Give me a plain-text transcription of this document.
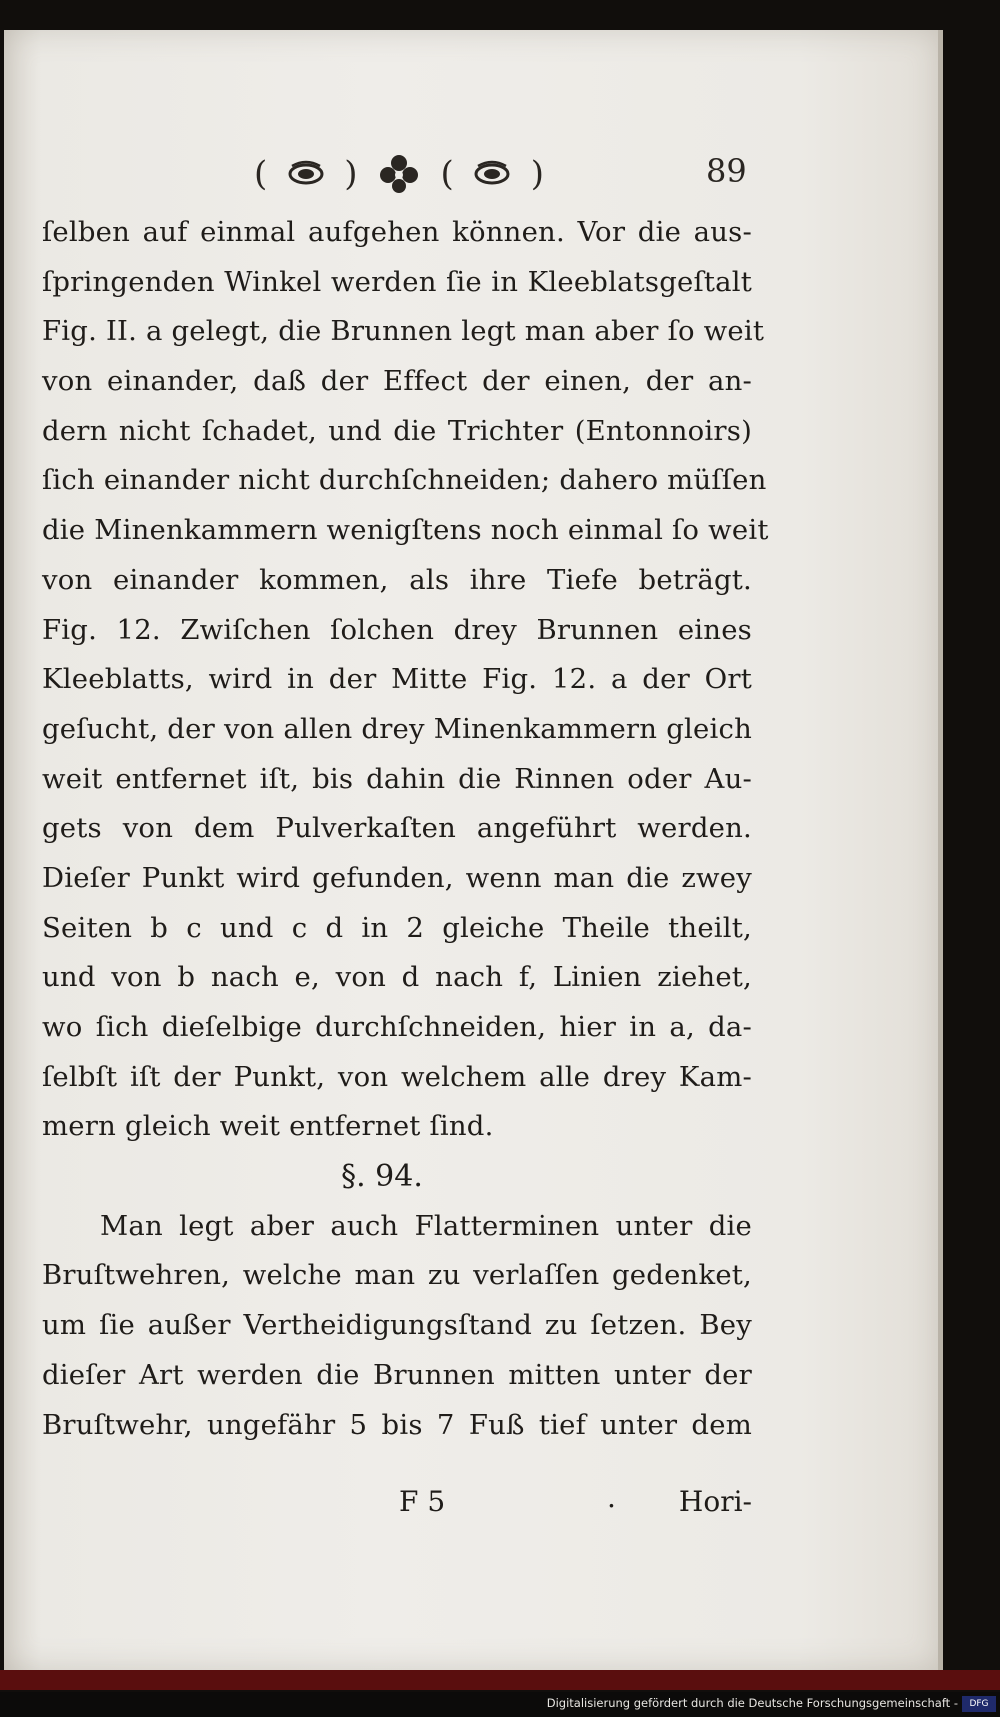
( ) ( )	89
ſelben auf einmal aufgehen können. Vor die aus-
ſpringenden Winkel werden ſie in Kleeblatsgeſtalt
Fig. II. a gelegt, die Brunnen legt man aber ſo weit
von einander, daß der Effect der einen, der an-
dern nicht ſchadet, und die Trichter (Entonnoirs)
ſich einander nicht durchſchneiden; dahero müſſen
die Minenkammern wenigſtens noch einmal ſo weit
von einander kommen, als ihre Tiefe beträgt.
Fig. 12. Zwiſchen ſolchen drey Brunnen eines
Kleeblatts, wird in der Mitte Fig. 12. a der Ort
geſucht, der von allen drey Minenkammern gleich
weit entfernet iſt, bis dahin die Rinnen oder Au-
gets von dem Pulverkaſten angeführt werden.
Dieſer Punkt wird gefunden, wenn man die zwey
Seiten b c und c d in 2 gleiche Theile theilt,
und von b nach e, von d nach f, Linien ziehet,
wo ſich dieſelbige durchſchneiden, hier in a, da-
ſelbſt iſt der Punkt, von welchem alle drey Kam-
mern gleich weit entfernet ſind.
§. 94.
Man legt aber auch Flatterminen unter die
Bruſtwehren, welche man zu verlaſſen gedenket,
um ſie außer Vertheidigungsſtand zu ſetzen. Bey
dieſer Art werden die Brunnen mitten unter der
Bruſtwehr, ungefähr 5 bis 7 Fuß tief unter dem
F 5	. Hori-
Digitalisierung gefördert durch die Deutsche Forschungsgemeinschaft -	DFG
